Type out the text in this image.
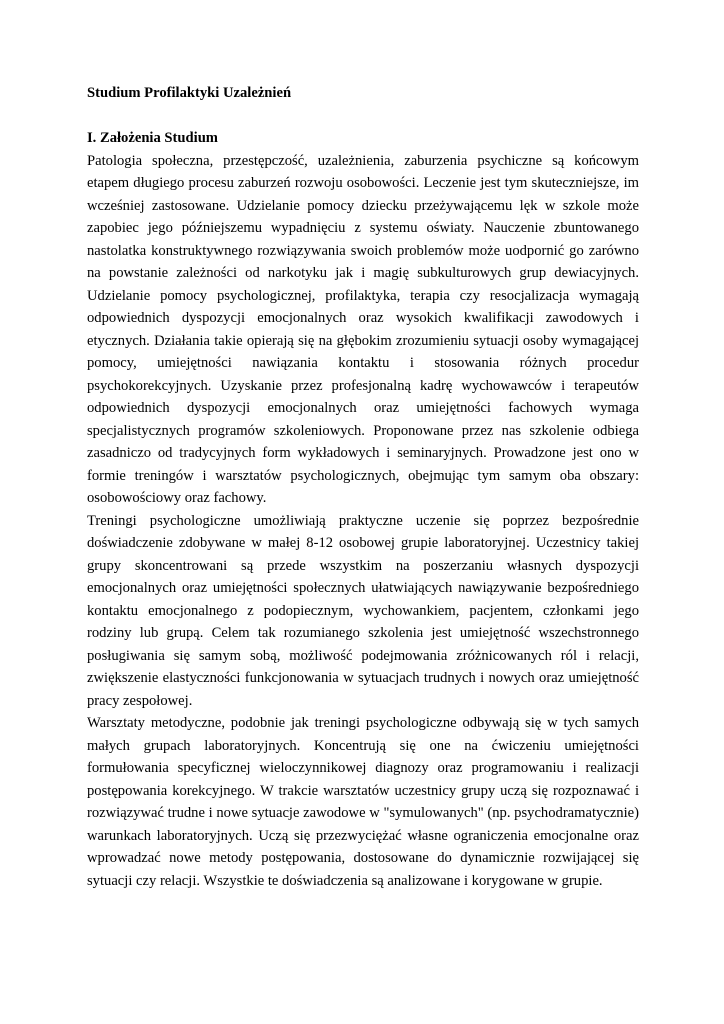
Studium Profilaktyki Uzależnień
I. Założenia Studium

Patologia społeczna, przestępczość, uzależnienia, zaburzenia psychiczne są końcowym etapem długiego procesu zaburzeń rozwoju osobowości. Leczenie jest tym skuteczniejsze, im wcześniej zastosowane. Udzielanie pomocy dziecku przeżywającemu lęk w szkole może zapobiec jego późniejszemu wypadnięciu z systemu oświaty. Nauczenie zbuntowanego nastolatka konstruktywnego rozwiązywania swoich problemów może uodpornić go zarówno na powstanie zależności od narkotyku jak i magię subkulturowych grup dewiacyjnych. Udzielanie pomocy psychologicznej, profilaktyka, terapia czy resocjalizacja wymagają odpowiednich dyspozycji emocjonalnych oraz wysokich kwalifikacji zawodowych i etycznych. Działania takie opierają się na głębokim zrozumieniu sytuacji osoby wymagającej pomocy, umiejętności nawiązania kontaktu i stosowania różnych procedur psychokorekcyjnych. Uzyskanie przez profesjonalną kadrę wychowawców i terapeutów odpowiednich dyspozycji emocjonalnych oraz umiejętności fachowych wymaga specjalistycznych programów szkoleniowych. Proponowane przez nas szkolenie odbiega zasadniczo od tradycyjnych form wykładowych i seminaryjnych. Prowadzone jest ono w formie treningów i warsztatów psychologicznych, obejmując tym samym oba obszary: osobowościowy oraz fachowy.

Treningi psychologiczne umożliwiają praktyczne uczenie się poprzez bezpośrednie doświadczenie zdobywane w małej 8-12 osobowej grupie laboratoryjnej. Uczestnicy takiej grupy skoncentrowani są przede wszystkim na poszerzaniu własnych dyspozycji emocjonalnych oraz umiejętności społecznych ułatwiających nawiązywanie bezpośredniego kontaktu emocjonalnego z podopiecznym, wychowankiem, pacjentem, członkami jego rodziny lub grupą. Celem tak rozumianego szkolenia jest umiejętność wszechstronnego posługiwania się samym sobą, możliwość podejmowania zróżnicowanych ról i relacji, zwiększenie elastyczności funkcjonowania w sytuacjach trudnych i nowych oraz umiejętność pracy zespołowej.

Warsztaty metodyczne, podobnie jak treningi psychologiczne odbywają się w tych samych małych grupach laboratoryjnych. Koncentrują się one na ćwiczeniu umiejętności formułowania specyficznej wieloczynnikowej diagnozy oraz programowaniu i realizacji postępowania korekcyjnego. W trakcie warsztatów uczestnicy grupy uczą się rozpoznawać i rozwiązywać trudne i nowe sytuacje zawodowe w "symulowanych" (np. psychodramatycznie) warunkach laboratoryjnych. Uczą się przezwyciężać własne ograniczenia emocjonalne oraz wprowadzać nowe metody postępowania, dostosowane do dynamicznie rozwijającej się sytuacji czy relacji. Wszystkie te doświadczenia są analizowane i korygowane w grupie.
